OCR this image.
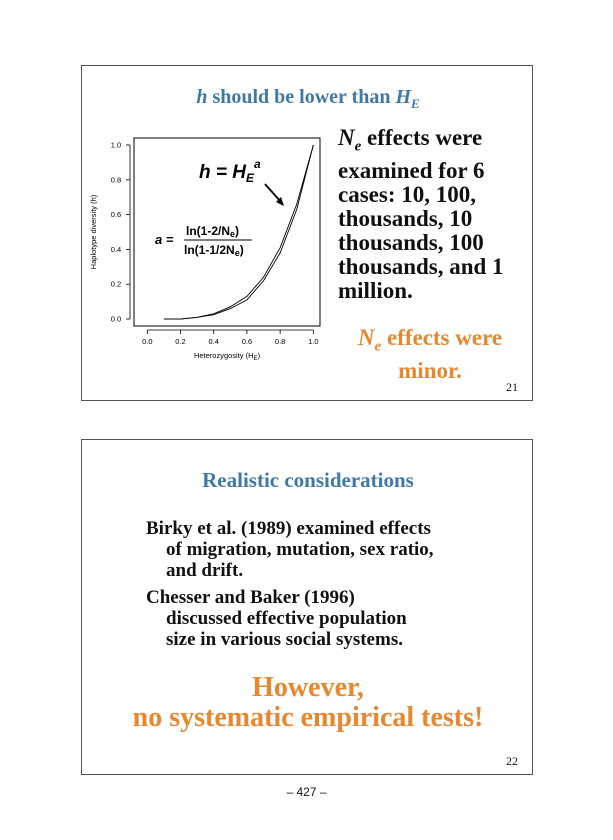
h should be lower than $H_E$
0.0	0.2	0.4	0.6	0.8	1.0
0.0
0.2
0.4
0.6
0.8
1.0
Heterozygosity $(H_E)$
Haplotype diversity (h)
$h = H_E^a$
a =
ln(1-2/Ne)
ln(1-1/2Ne)
$N_e$ effects were examined for 6 cases: 10, 100, thousands, 10 thousands, 100 thousands, and 1 million.
$N_e$ effects were minor.
21
Realistic considerations

Birky et al. (1989) examined effects

of migration, mutation, sex ratio,

and drift.

Chesser and Baker (1996)

discussed effective population

size in various social systems.

However,
no systematic empirical tests!
22
– 427 –
